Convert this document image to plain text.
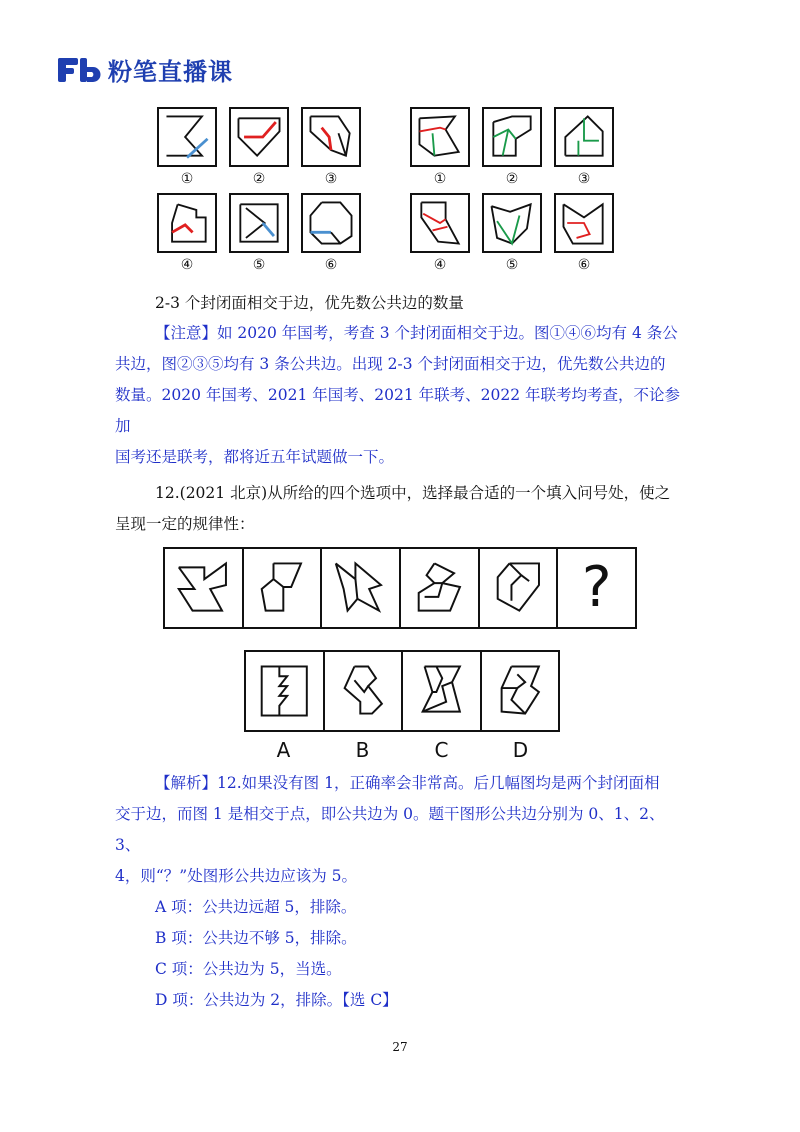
粉笔直播课
①	②	③
④	⑤	⑥
①	②	③
④	⑤	⑥
2-3 个封闭面相交于边，优先数公共边的数量
【注意】如 2020 年国考，考查 3 个封闭面相交于边。图①④⑥均有 4 条公
共边，图②③⑤均有 3 条公共边。出现 2-3 个封闭面相交于边，优先数公共边的
数量。2020 年国考、2021 年国考、2021 年联考、2022 年联考均考查，不论参加
国考还是联考，都将近五年试题做一下。
12.(2021 北京)从所给的四个选项中，选择最合适的一个填入问号处，使之
呈现一定的规律性：
?
A	B	C	D
【解析】12.如果没有图 1，正确率会非常高。后几幅图均是两个封闭面相
交于边，而图 1 是相交于点，即公共边为 0。题干图形公共边分别为 0、1、2、3、
4，则“？”处图形公共边应该为 5。
A 项：公共边远超 5，排除。
B 项：公共边不够 5，排除。
C 项：公共边为 5，当选。
D 项：公共边为 2，排除。【选 C】
27
